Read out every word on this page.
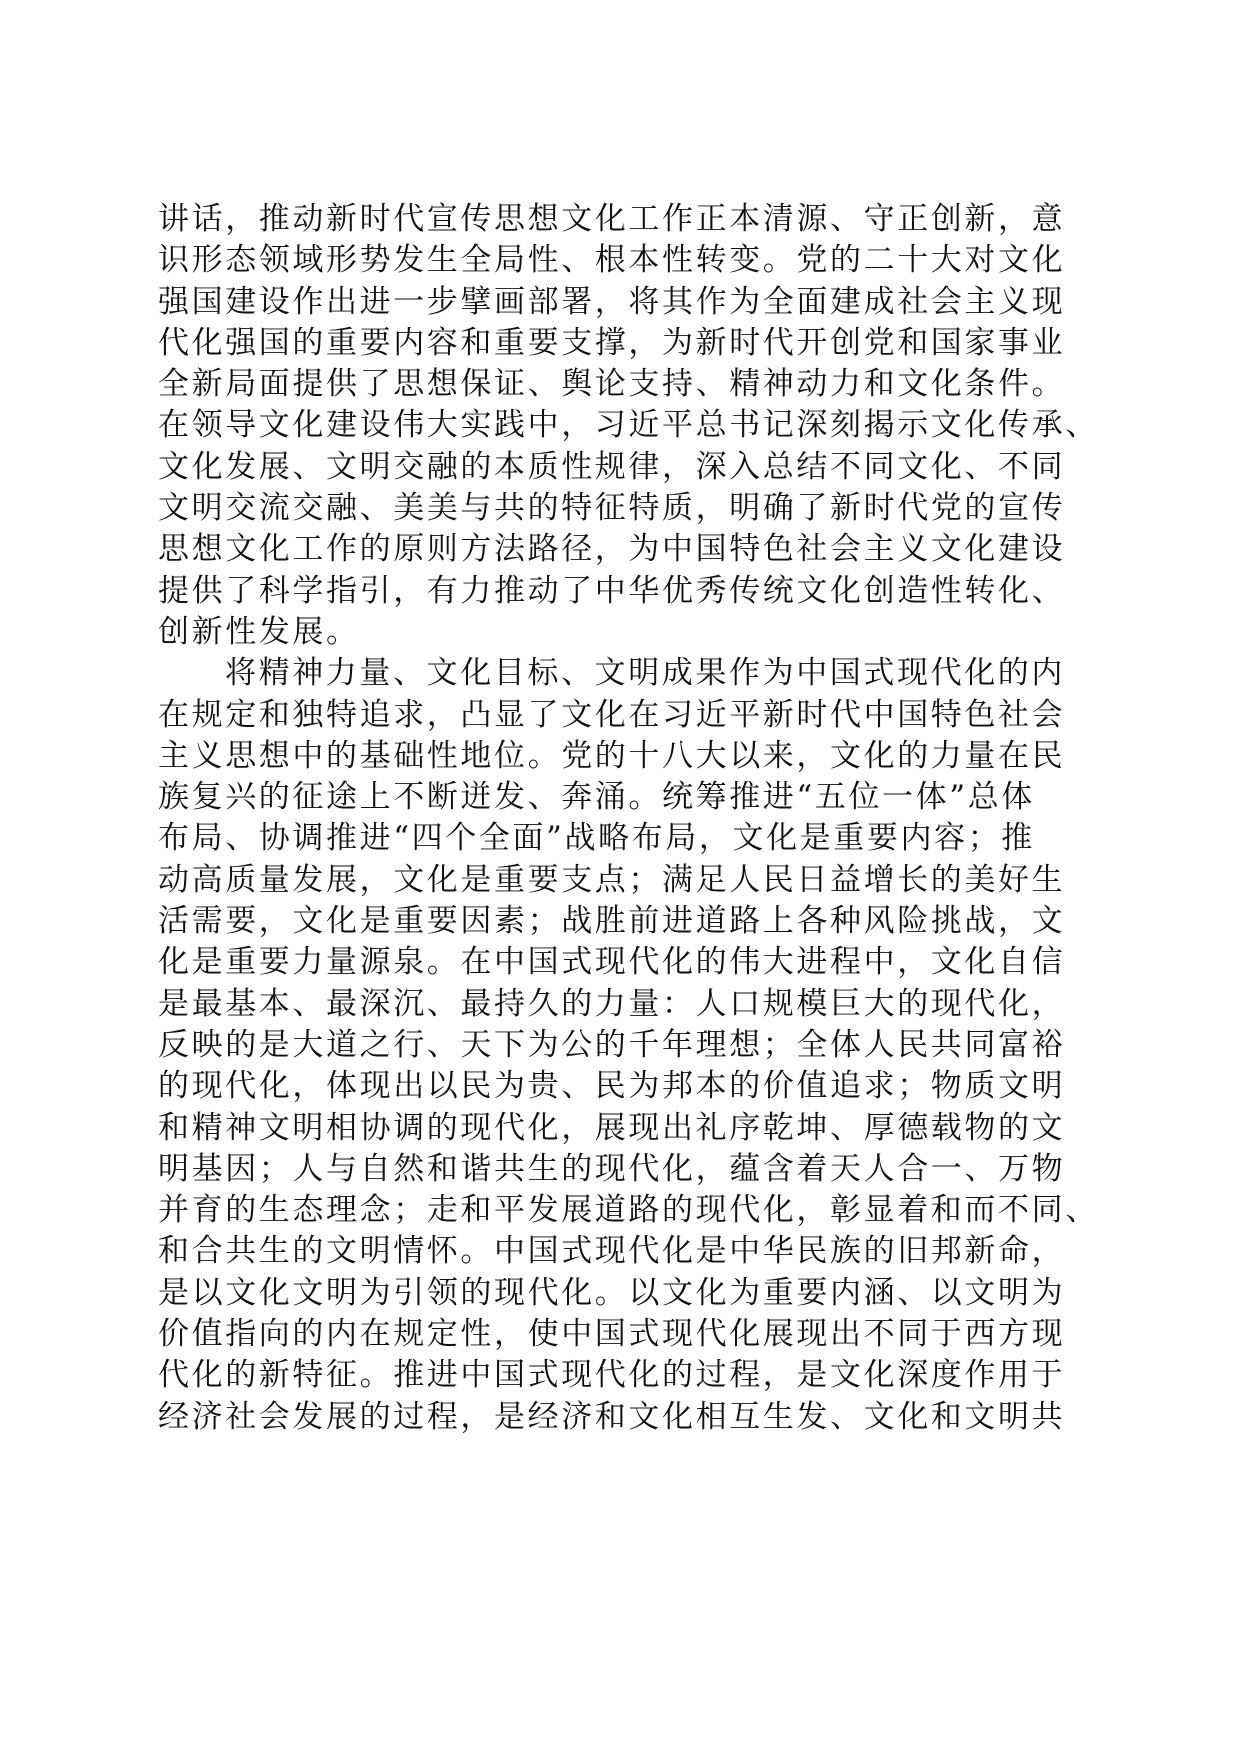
讲话，推动新时代宣传思想文化工作正本清源、守正创新，意
识形态领域形势发生全局性、根本性转变。党的二十大对文化
强国建设作出进一步擘画部署，将其作为全面建成社会主义现
代化强国的重要内容和重要支撑，为新时代开创党和国家事业
全新局面提供了思想保证、舆论支持、精神动力和文化条件。
在领导文化建设伟大实践中，习近平总书记深刻揭示文化传承、
文化发展、文明交融的本质性规律，深入总结不同文化、不同
文明交流交融、美美与共的特征特质，明确了新时代党的宣传
思想文化工作的原则方法路径，为中国特色社会主义文化建设
提供了科学指引，有力推动了中华优秀传统文化创造性转化、
创新性发展。
将精神力量、文化目标、文明成果作为中国式现代化的内
在规定和独特追求，凸显了文化在习近平新时代中国特色社会
主义思想中的基础性地位。党的十八大以来，文化的力量在民
族复兴的征途上不断迸发、奔涌。统筹推进“五位一体”总体
布局、协调推进“四个全面”战略布局，文化是重要内容；推
动高质量发展，文化是重要支点；满足人民日益增长的美好生
活需要，文化是重要因素；战胜前进道路上各种风险挑战，文
化是重要力量源泉。在中国式现代化的伟大进程中，文化自信
是最基本、最深沉、最持久的力量：人口规模巨大的现代化，
反映的是大道之行、天下为公的千年理想；全体人民共同富裕
的现代化，体现出以民为贵、民为邦本的价值追求；物质文明
和精神文明相协调的现代化，展现出礼序乾坤、厚德载物的文
明基因；人与自然和谐共生的现代化，蕴含着天人合一、万物
并育的生态理念；走和平发展道路的现代化，彰显着和而不同、
和合共生的文明情怀。中国式现代化是中华民族的旧邦新命，
是以文化文明为引领的现代化。以文化为重要内涵、以文明为
价值指向的内在规定性，使中国式现代化展现出不同于西方现
代化的新特征。推进中国式现代化的过程，是文化深度作用于
经济社会发展的过程，是经济和文化相互生发、文化和文明共
